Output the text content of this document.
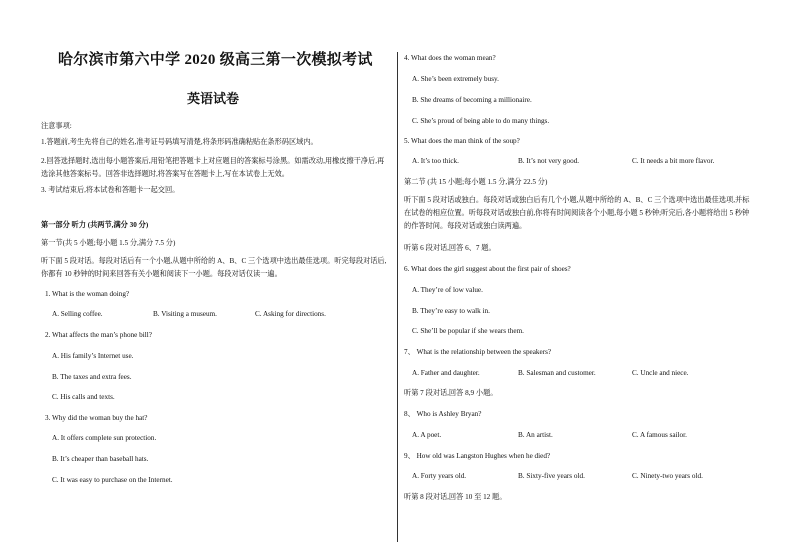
哈尔滨市第六中学 2020 级高三第一次模拟考试
英语试卷
注意事项:
1.答题前,考生先将自己的姓名,准考证号码填写清楚,将条形码准确粘贴在条形码区域内。
2.回答选择题时,选出每小题答案后,用铅笔把答题卡上对应题目的答案标号涂黑。如需改动,用橡皮擦干净后,再选涂其他答案标号。回答非选择题时,将答案写在答题卡上,写在本试卷上无效。
3. 考试结束后,将本试卷和答题卡一起交回。
第一部分 听力 (共两节,满分 30 分)
第一节(共 5 小题;每小题 1.5 分,满分 7.5 分)
听下面 5 段对话。每段对话后有一个小题,从题中所给的 A、B、C 三个选项中选出最佳选项。听完每段对话后,你都有 10 秒钟的时间来回答有关小题和阅读下一小题。每段对话仅读一遍。
1. What is the woman doing?
A. Selling coffee.	B. Visiting a museum.	C. Asking for directions.
2. What affects the man’s phone bill?
A. His family’s Internet use.
B. The taxes and extra fees.
C. His calls and texts.
3. Why did the woman buy the hat?
A. It offers complete sun protection.
B. It’s cheaper than baseball hats.
C. It was easy to purchase on the Internet.
4. What does the woman mean?
A. She’s been extremely busy.
B. She dreams of becoming a millionaire.
C. She’s proud of being able to do many things.
5. What does the man think of the soup?
A. It’s too thick.	B. It’s not very good.	C. It needs a bit more flavor.
第二节 (共 15 小题;每小题 1.5 分,满分 22.5 分)
听下面 5 段对话或独白。每段对话或独白后有几个小题,从题中所给的 A、B、C 三个选项中选出最佳选项,并标在试卷的相应位置。听每段对话或独白前,你将有时间阅读各个小题,每小题 5 秒钟;听完后,各小题将给出 5 秒钟的作答时间。每段对话或独白读两遍。
听第 6 段对话,回答 6、7 题。
6. What does the girl suggest about the first pair of shoes?
A. They’re of low value.
B. They’re easy to walk in.
C. She’ll be popular if she wears them.
7、 What is the relationship between the speakers?
A. Father and daughter.	B. Salesman and customer.	C. Uncle and niece.
听第 7 段对话,回答 8,9 小题。
8、 Who is Ashley Bryan?
A. A poet.	B. An artist.	C. A famous sailor.
9、 How old was Langston Hughes when he died?
A. Forty years old.	B. Sixty-five years old.	C. Ninety-two years old.
听第 8 段对话,回答 10 至 12 题。
